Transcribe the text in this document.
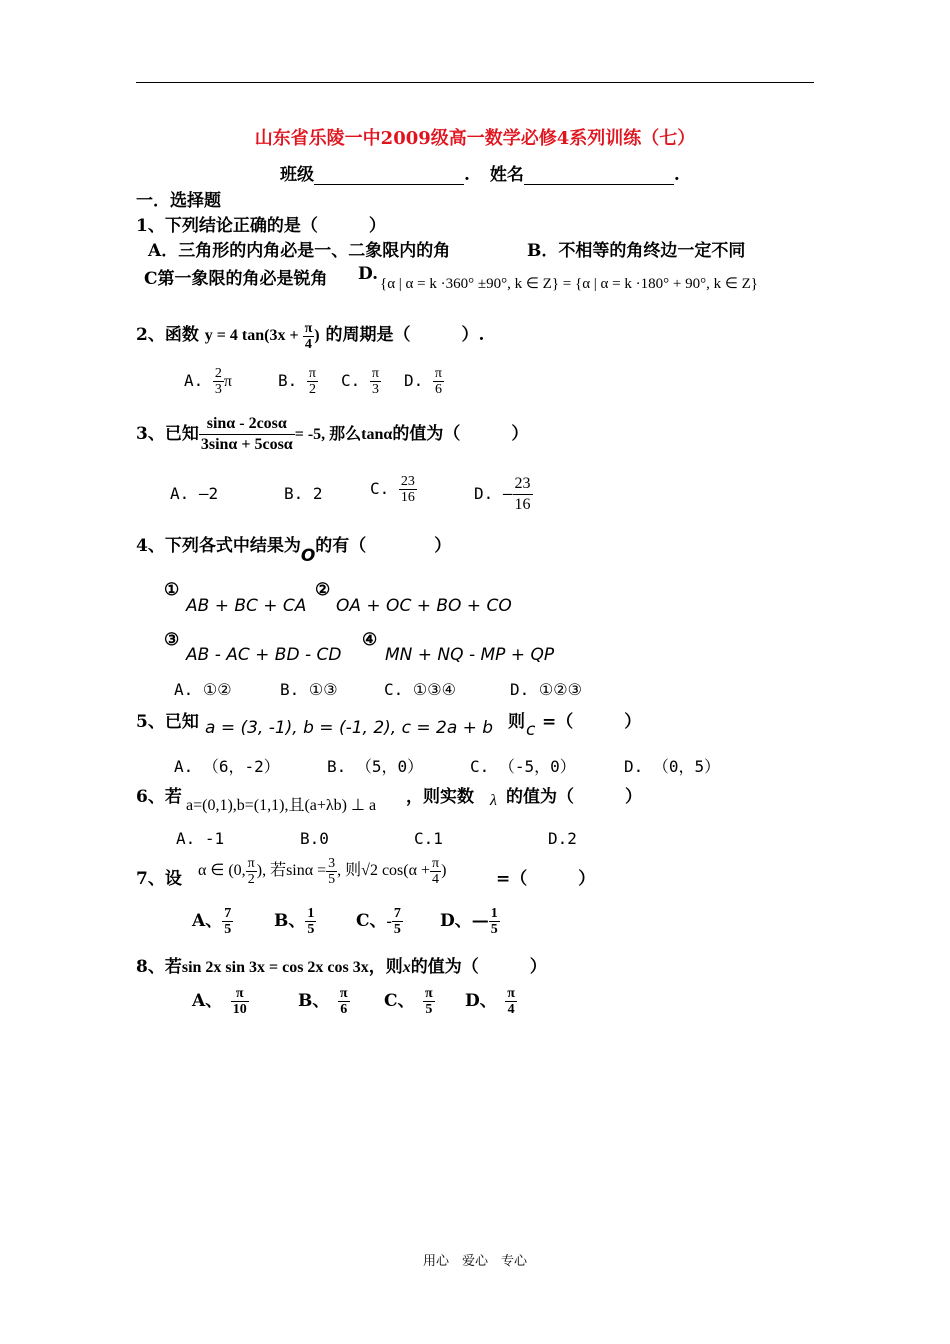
山东省乐陵一中2009级高一数学必修4系列训练（七）
班级	. 姓名	.
一．选择题
1、下列结论正确的是（　　　）
A．三角形的内角必是一、二象限内的角	B．不相等的角终边一定不同
C第一象限的角必是锐角 D. {α | α = k ·360° ±90°, k ∈ Z} = {α | α = k ·180° + 90°, k ∈ Z}
2、函数 y = 4 $\tan(3x + \frac{\pi}{4}$ ) 的周期是（　　　）.
A. $\frac{2}{3}$ π	B. $\frac{\pi}{2} C$. $\frac{\pi}{3} D$. $\frac{\pi}{6}$
3、已知 $\frac{\sin\alpha - 2\cos\alpha}{3\sin\alpha + 5\cos\alpha} = -5$, 那么tanα的值为（　　　）
A. —2	B. 2	C. $\frac{23}{16}$	D. — $\frac{23}{16}$
4、下列各式中结果为O的有（　　　　）
①
AB + BC + CA
②
OA + OC + BO + CO
③
AB - AC + BD - CD
④
MN + NQ - MP + QP
A. ①②	B. ①③	C. ①③④	D. ①②③
5、已知 a = (3, -1), b = (-1, 2), c = 2a + b 则 c =（　　　）
A. （6，-2）	B. （5，0）	C. （-5，0）	D. （0，5）
6、若 a=(0,1),b=(1,1),且(a+λb) ⊥ a ，则实数 λ 的值为（　　　）
A. -1	B.0	C.1	D.2
7、设 α ∈ (0, $\frac{\pi}{2}$ ), 若$\sin\alpha = \frac{3}{5}$ , 则√2 $\cos(\alpha + \frac{\pi}{4}$ )	=（　　　）
A、 $\frac{7}{5}$ B、 $\frac{1}{5}$ C、- $\frac{7}{5}$ D、— $\frac{1}{5}$
8、若sin 2x sin 3x = cos 2x cos 3x，则x的值为（　　　）
A、　 $\frac{\pi}{10}$	B、　 $\frac{\pi}{6}$ C、　 $\frac{\pi}{5}$ D、　 $\frac{\pi}{4}$
用心　爱心　专心
